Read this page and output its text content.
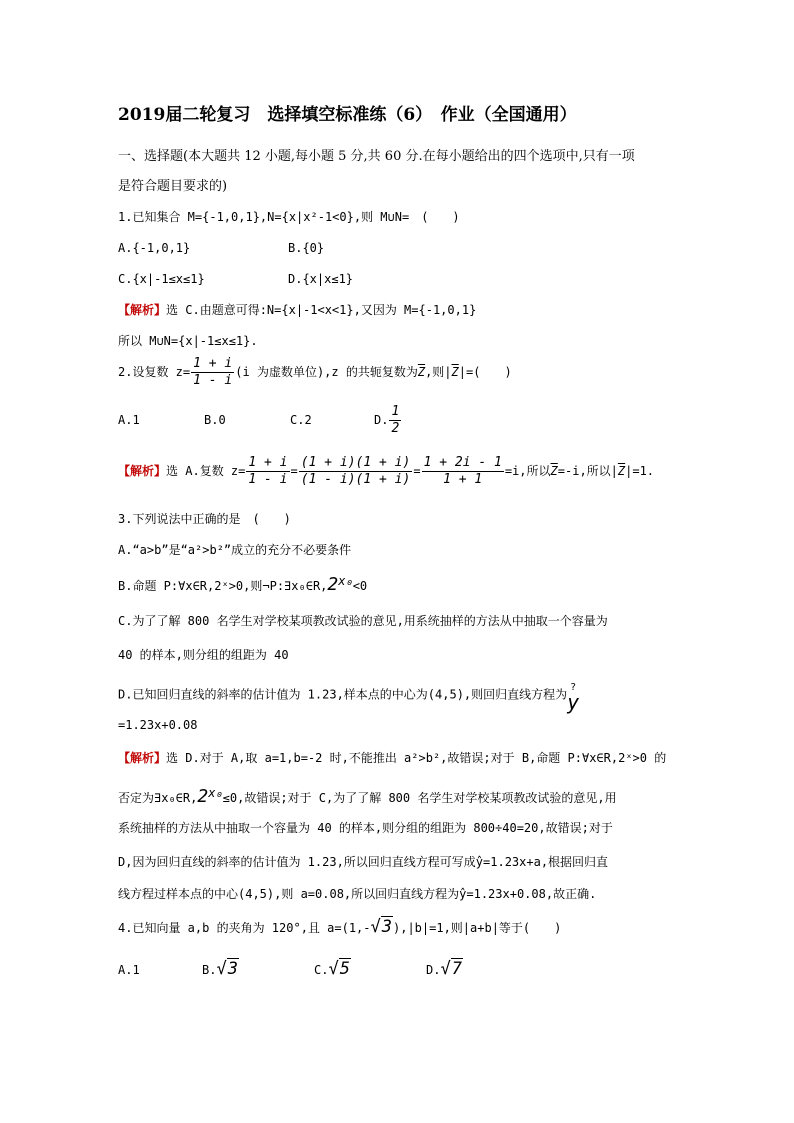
2019届二轮复习　选择填空标准练（6）　作业（全国通用）
一、选择题(本大题共 12 小题,每小题 5 分,共 60 分.在每小题给出的四个选项中,只有一项
是符合题目要求的)
1.已知集合 M={-1,0,1},N={x|x²-1<0},则 M∪N=　(　　)
A.{-1,0,1}	B.{0}
C.{x|-1≤x≤1}	D.{x|x≤1}
【解析】选 C.由题意可得:N={x|-1<x<1},又因为 M={-1,0,1}
所以 M∪N={x|-1≤x≤1}.
2.设复数 $z= \frac{1 + i}{1 - i} (i$ 为虚数单位),z 的共轭复数为$\overline{Z}$,则$|\overline{Z}|=$(　　)
A.1	B.0	C.2	D. $\frac{1}{2}$
【解析】选 A.复数 $z= \frac{1 + i}{1 - i} = \frac{(1 + i)(1 + i)}{(1 - i)(1 + i)} = \frac{1 + 2i - 1}{1 + 1} =i$,所以$\overline{Z}=-i$,所以$|\overline{Z}|=1$.
3.下列说法中正确的是　(　　)
A.“a>b”是“a²>b²”成立的充分不必要条件
B.命题 P:∀x∈R,2ˣ>0,则$\neg P:\exists x_0\in R,2^{x_0}<0$
C.为了了解 800 名学生对学校某项教改试验的意见,用系统抽样的方法从中抽取一个容量为
40 的样本,则分组的组距为 40
D.已知回归直线的斜率的估计值为 1.23,样本点的中心为(4,5),则回归直线方程为 ?
y
=1.23x+0.08
【解析】选 D.对于 A,取 a=1,b=-2 时,不能推出 a²>b²,故错误;对于 B,命题 P:∀x∈R,2ˣ>0 的
否定为$\exists x_0\in R,2^{x_0}\le 0$,故错误;对于 C,为了了解 800 名学生对学校某项教改试验的意见,用
系统抽样的方法从中抽取一个容量为 40 的样本,则分组的组距为 800÷40=20,故错误;对于
D,因为回归直线的斜率的估计值为 1.23,所以回归直线方程可写成ŷ=1.23x+a,根据回归直
线方程过样本点的中心(4,5),则 a=0.08,所以回归直线方程为ŷ=1.23x+0.08,故正确.
4.已知向量 a,b 的夹角为 120°,且 a=(1,-√3),|b|=1,则|a+b|等于(　　)
A.1	B.√3	C.√5	D.√7
